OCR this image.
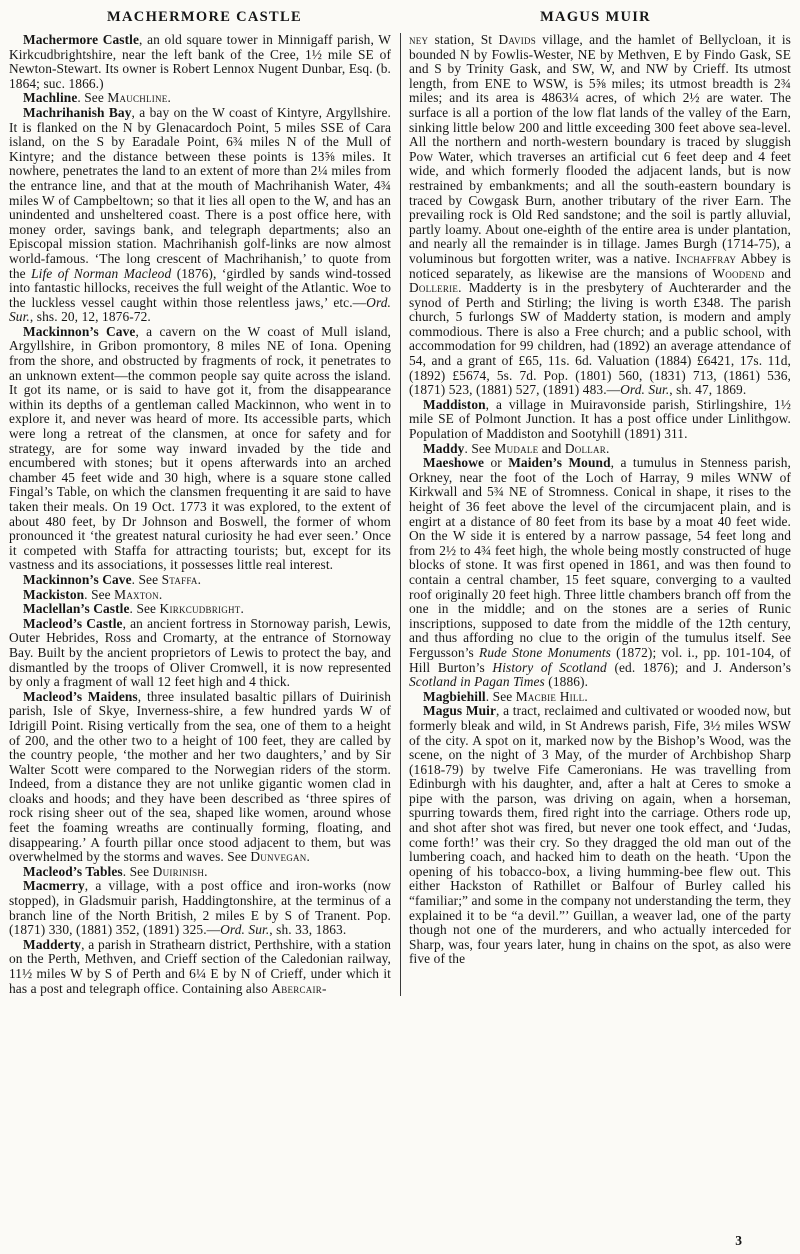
MACHERMORE CASTLE	MAGUS MUIR

Machermore Castle, an old square tower in Minnigaff parish, W Kirkcudbrightshire, near the left bank of the Cree, 1½ mile SE of Newton-Stewart. Its owner is Robert Lennox Nugent Dunbar, Esq. (b. 1864; suc. 1866.)

Machline. See Mauchline.

Machrihanish Bay, a bay on the W coast of Kintyre, Argyllshire. It is flanked on the N by Glenacardoch Point, 5 miles SSE of Cara island, on the S by Earadale Point, 6¾ miles N of the Mull of Kintyre; and the distance between these points is 13⅝ miles. It nowhere, penetrates the land to an extent of more than 2¼ miles from the entrance line, and that at the mouth of Machrihanish Water, 4¾ miles W of Campbeltown; so that it lies all open to the W, and has an unindented and unsheltered coast. There is a post office here, with money order, savings bank, and telegraph departments; also an Episcopal mission station. Machrihanish golf-links are now almost world-famous. ‘The long crescent of Machrihanish,’ to quote from the Life of Norman Macleod (1876), ‘girdled by sands wind-tossed into fantastic hillocks, receives the full weight of the Atlantic. Woe to the luckless vessel caught within those relentless jaws,’ etc.—Ord. Sur., shs. 20, 12, 1876-72.

Mackinnon’s Cave, a cavern on the W coast of Mull island, Argyllshire, in Gribon promontory, 8 miles NE of Iona. Opening from the shore, and obstructed by fragments of rock, it penetrates to an unknown extent—the common people say quite across the island. It got its name, or is said to have got it, from the disappearance within its depths of a gentleman called Mackinnon, who went in to explore it, and never was heard of more. Its accessible parts, which were long a retreat of the clansmen, at once for safety and for strategy, are for some way inward invaded by the tide and encumbered with stones; but it opens afterwards into an arched chamber 45 feet wide and 30 high, where is a square stone called Fingal’s Table, on which the clansmen frequenting it are said to have taken their meals. On 19 Oct. 1773 it was explored, to the extent of about 480 feet, by Dr Johnson and Boswell, the former of whom pronounced it ‘the greatest natural curiosity he had ever seen.’ Once it competed with Staffa for attracting tourists; but, except for its vastness and its associations, it possesses little real interest.

Mackinnon’s Cave. See Staffa.

Mackiston. See Maxton.

Maclellan’s Castle. See Kirkcudbright.

Macleod’s Castle, an ancient fortress in Stornoway parish, Lewis, Outer Hebrides, Ross and Cromarty, at the entrance of Stornoway Bay. Built by the ancient proprietors of Lewis to protect the bay, and dismantled by the troops of Oliver Cromwell, it is now represented by only a fragment of wall 12 feet high and 4 thick.

Macleod’s Maidens, three insulated basaltic pillars of Duirinish parish, Isle of Skye, Inverness-shire, a few hundred yards W of Idrigill Point. Rising vertically from the sea, one of them to a height of 200, and the other two to a height of 100 feet, they are called by the country people, ‘the mother and her two daughters,’ and by Sir Walter Scott were compared to the Norwegian riders of the storm. Indeed, from a distance they are not unlike gigantic women clad in cloaks and hoods; and they have been described as ‘three spires of rock rising sheer out of the sea, shaped like women, around whose feet the foaming wreaths are continually forming, floating, and disappearing.’ A fourth pillar once stood adjacent to them, but was overwhelmed by the storms and waves. See Dunvegan.

Macleod’s Tables. See Duirinish.

Macmerry, a village, with a post office and iron-works (now stopped), in Gladsmuir parish, Haddingtonshire, at the terminus of a branch line of the North British, 2 miles E by S of Tranent. Pop. (1871) 330, (1881) 352, (1891) 325.—Ord. Sur., sh. 33, 1863.

Madderty, a parish in Strathearn district, Perthshire, with a station on the Perth, Methven, and Crieff section of the Caledonian railway, 11½ miles W by S of Perth and 6¼ E by N of Crieff, under which it has a post and telegraph office. Containing also Abercair-

ney station, St Davids village, and the hamlet of Bellycloan, it is bounded N by Fowlis-Wester, NE by Methven, E by Findo Gask, SE and S by Trinity Gask, and SW, W, and NW by Crieff. Its utmost length, from ENE to WSW, is 5⅝ miles; its utmost breadth is 2¾ miles; and its area is 4863¼ acres, of which 2½ are water. The surface is all a portion of the low flat lands of the valley of the Earn, sinking little below 200 and little exceeding 300 feet above sea-level. All the northern and north-western boundary is traced by sluggish Pow Water, which traverses an artificial cut 6 feet deep and 4 feet wide, and which formerly flooded the adjacent lands, but is now restrained by embankments; and all the south-eastern boundary is traced by Cowgask Burn, another tributary of the river Earn. The prevailing rock is Old Red sandstone; and the soil is partly alluvial, partly loamy. About one-eighth of the entire area is under plantation, and nearly all the remainder is in tillage. James Burgh (1714-75), a voluminous but forgotten writer, was a native. Inchaffray Abbey is noticed separately, as likewise are the mansions of Woodend and Dollerie. Madderty is in the presbytery of Auchterarder and the synod of Perth and Stirling; the living is worth £348. The parish church, 5 furlongs SW of Madderty station, is modern and amply commodious. There is also a Free church; and a public school, with accommodation for 99 children, had (1892) an average attendance of 54, and a grant of £65, 11s. 6d. Valuation (1884) £6421, 17s. 11d, (1892) £5674, 5s. 7d. Pop. (1801) 560, (1831) 713, (1861) 536, (1871) 523, (1881) 527, (1891) 483.—Ord. Sur., sh. 47, 1869.

Maddiston, a village in Muiravonside parish, Stirlingshire, 1½ mile SE of Polmont Junction. It has a post office under Linlithgow. Population of Maddiston and Sootyhill (1891) 311.

Maddy. See Mudale and Dollar.

Maeshowe or Maiden’s Mound, a tumulus in Stenness parish, Orkney, near the foot of the Loch of Harray, 9 miles WNW of Kirkwall and 5¾ NE of Stromness. Conical in shape, it rises to the height of 36 feet above the level of the circumjacent plain, and is engirt at a distance of 80 feet from its base by a moat 40 feet wide. On the W side it is entered by a narrow passage, 54 feet long and from 2½ to 4¾ feet high, the whole being mostly constructed of huge blocks of stone. It was first opened in 1861, and was then found to contain a central chamber, 15 feet square, converging to a vaulted roof originally 20 feet high. Three little chambers branch off from the one in the middle; and on the stones are a series of Runic inscriptions, supposed to date from the middle of the 12th century, and thus affording no clue to the origin of the tumulus itself. See Fergusson’s Rude Stone Monuments (1872); vol. i., pp. 101-104, of Hill Burton’s History of Scotland (ed. 1876); and J. Anderson’s Scotland in Pagan Times (1886).

Magbiehill. See Macbie Hill.

Magus Muir, a tract, reclaimed and cultivated or wooded now, but formerly bleak and wild, in St Andrews parish, Fife, 3½ miles WSW of the city. A spot on it, marked now by the Bishop’s Wood, was the scene, on the night of 3 May, of the murder of Archbishop Sharp (1618-79) by twelve Fife Cameronians. He was travelling from Edinburgh with his daughter, and, after a halt at Ceres to smoke a pipe with the parson, was driving on again, when a horseman, spurring towards them, fired right into the carriage. Others rode up, and shot after shot was fired, but never one took effect, and ‘Judas, come forth!’ was their cry. So they dragged the old man out of the lumbering coach, and hacked him to death on the heath. ‘Upon the opening of his tobacco-box, a living humming-bee flew out. This either Hackston of Rathillet or Balfour of Burley called his “familiar;” and some in the company not understanding the term, they explained it to be “a devil.”’ Guillan, a weaver lad, one of the party though not one of the murderers, and who actually interceded for Sharp, was, four years later, hung in chains on the spot, as also were five of the

3
